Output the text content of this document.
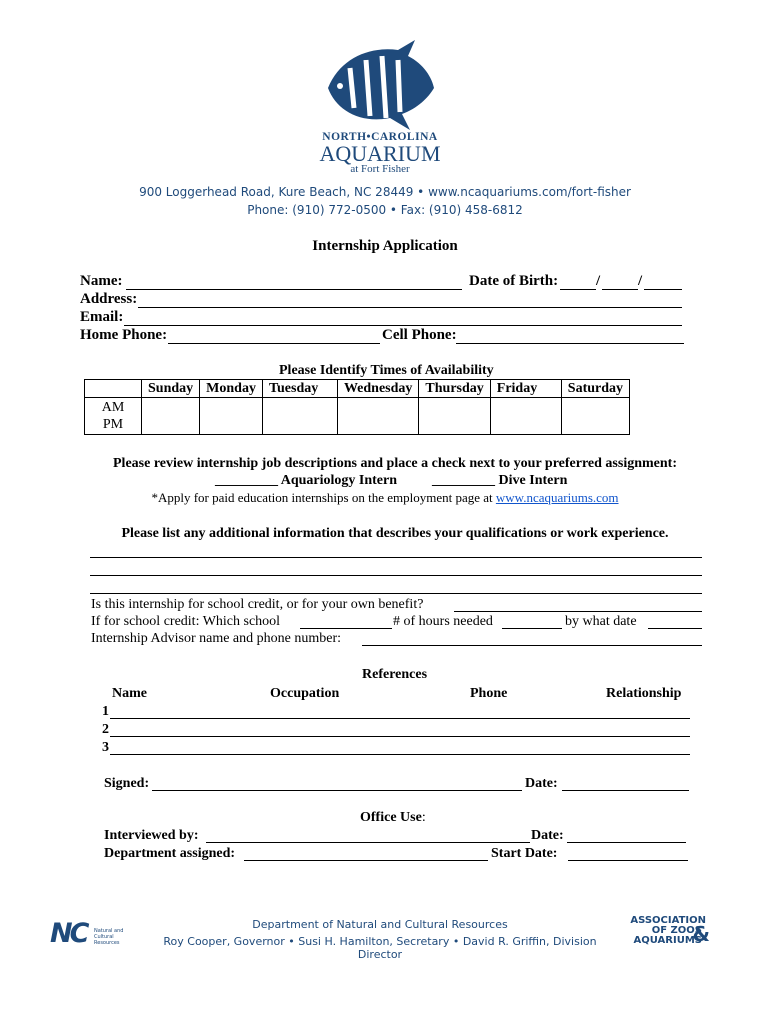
NORTH•CAROLINA
AQUARIUM
at Fort Fisher
900 Loggerhead Road, Kure Beach, NC 28449 • www.ncaquariums.com/fort-fisher
Phone: (910) 772-0500 • Fax: (910) 458-6812
Internship Application
Name:	Date of Birth:	/	/
Address:
Email:
Home Phone:	Cell Phone:
Please Identify Times of Availability
	Sunday	Monday	Tuesday	Wednesday	Thursday	Friday	Saturday
AM
PM							
Please review internship job descriptions and place a check next to your preferred assignment:
_________ Aquariology Intern	_________ Dive Intern
*Apply for paid education internships on the employment page at www.ncaquariums.com
Please list any additional information that describes your qualifications or work experience.
Is this internship for school credit, or for your own benefit?
If for school credit: Which school	# of hours needed	by what date
Internship Advisor name and phone number:
References
Name	Occupation	Phone	Relationship
1
2
3
Signed:	Date:
Office Use:
Interviewed by:	Date:
Department assigned:	Start Date:
NC Natural and
Cultural Resources
Department of Natural and Cultural Resources
Roy Cooper, Governor • Susi H. Hamilton, Secretary • David R. Griffin, Division Director
ASSOCIATION
OF ZOOS
AQUARIUMS
&
